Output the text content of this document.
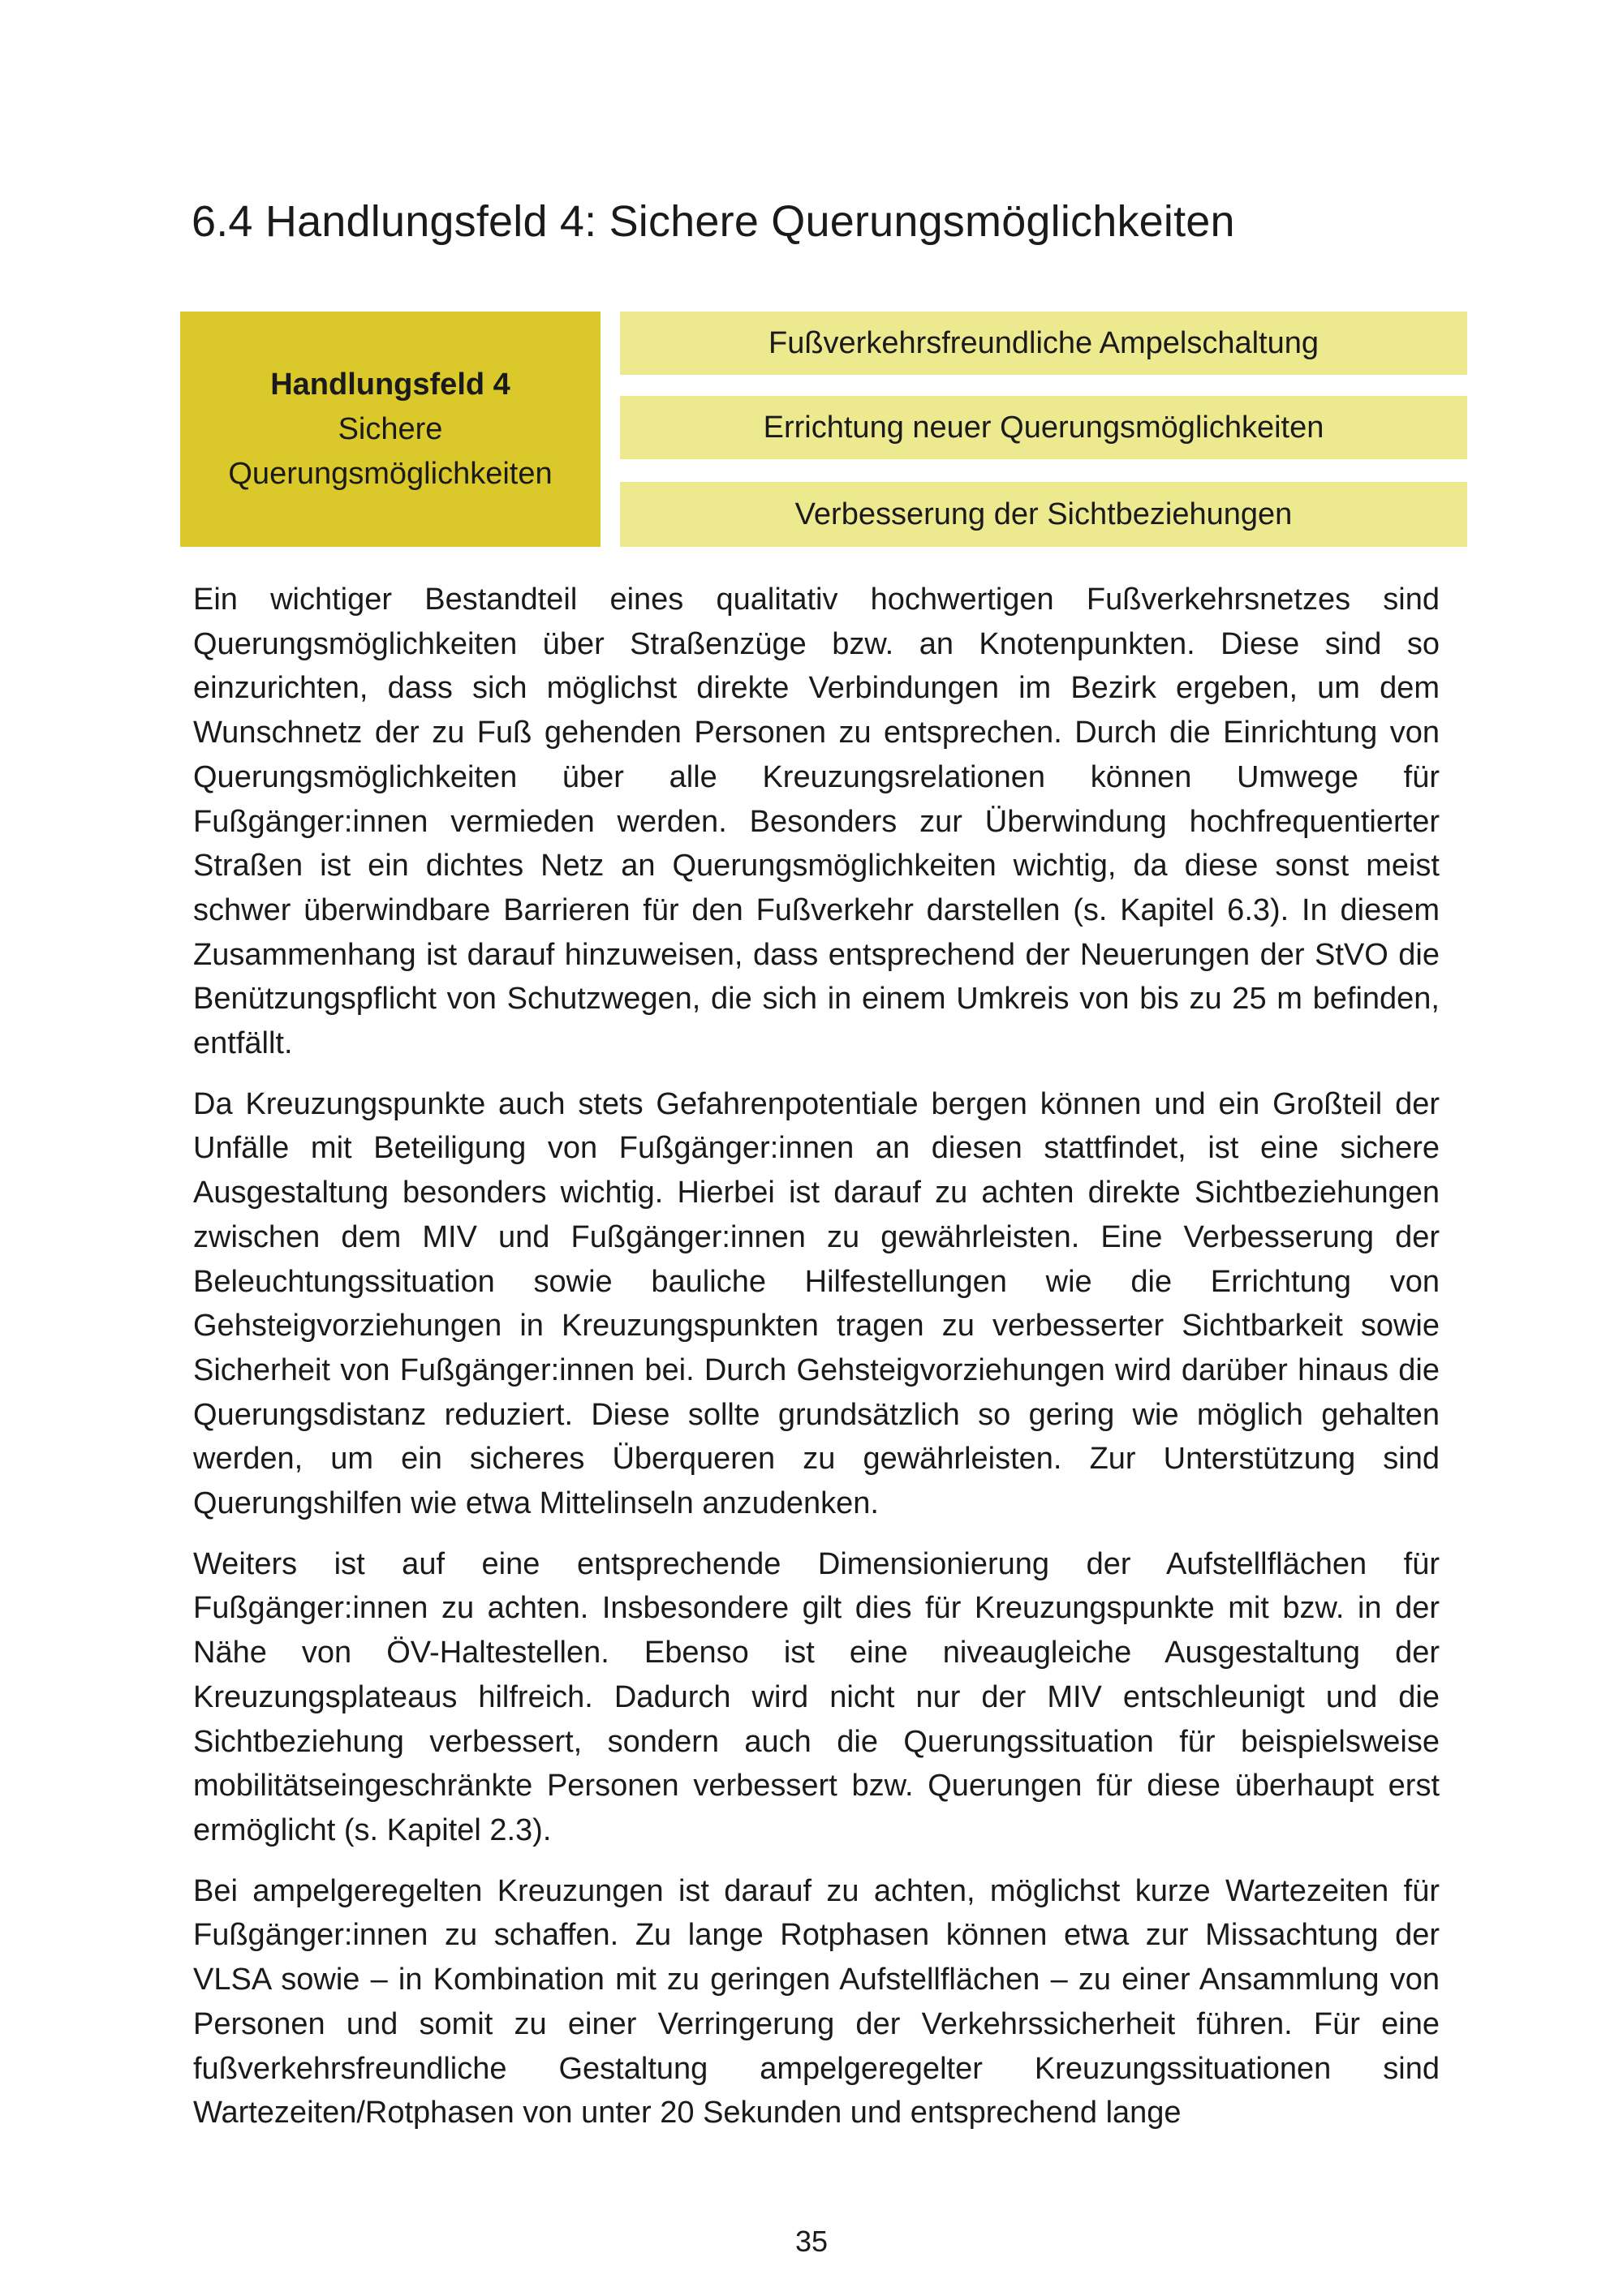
6.4 Handlungsfeld 4: Sichere Querungsmöglichkeiten
Handlungsfeld 4
Sichere
Querungsmöglichkeiten
Fußverkehrsfreundliche Ampelschaltung
Errichtung neuer Querungsmöglichkeiten
Verbesserung der Sichtbeziehungen

Ein wichtiger Bestandteil eines qualitativ hochwertigen Fußverkehrsnetzes sind Querungsmöglichkeiten über Straßenzüge bzw. an Knotenpunkten. Diese sind so einzurichten, dass sich möglichst direkte Verbindungen im Bezirk ergeben, um dem Wunschnetz der zu Fuß gehenden Personen zu entsprechen. Durch die Einrichtung von Querungsmöglichkeiten über alle Kreuzungsrelationen können Umwege für Fußgänger:innen vermieden werden. Besonders zur Überwindung hochfrequentierter Straßen ist ein dichtes Netz an Querungsmöglichkeiten wichtig, da diese sonst meist schwer überwindbare Barrieren für den Fußverkehr darstellen (s. Kapitel 6.3). In diesem Zusammenhang ist darauf hinzuweisen, dass entsprechend der Neuerungen der StVO die Benützungspflicht von Schutzwegen, die sich in einem Umkreis von bis zu 25 m befinden, entfällt.

Da Kreuzungspunkte auch stets Gefahrenpotentiale bergen können und ein Großteil der Unfälle mit Beteiligung von Fußgänger:innen an diesen stattfindet, ist eine sichere Ausgestaltung besonders wichtig. Hierbei ist darauf zu achten direkte Sichtbeziehungen zwischen dem MIV und Fußgänger:innen zu gewährleisten. Eine Verbesserung der Beleuchtungssituation sowie bauliche Hilfestellungen wie die Errichtung von Gehsteigvorziehungen in Kreuzungspunkten tragen zu verbesserter Sichtbarkeit sowie Sicherheit von Fußgänger:innen bei. Durch Gehsteigvorziehungen wird darüber hinaus die Querungsdistanz reduziert. Diese sollte grundsätzlich so gering wie möglich gehalten werden, um ein sicheres Überqueren zu gewährleisten. Zur Unterstützung sind Querungshilfen wie etwa Mittelinseln anzudenken.

Weiters ist auf eine entsprechende Dimensionierung der Aufstellflächen für Fußgänger:innen zu achten. Insbesondere gilt dies für Kreuzungspunkte mit bzw. in der Nähe von ÖV-Haltestellen. Ebenso ist eine niveaugleiche Ausgestaltung der Kreuzungsplateaus hilfreich. Dadurch wird nicht nur der MIV entschleunigt und die Sichtbeziehung verbessert, sondern auch die Querungssituation für beispielsweise mobilitätseingeschränkte Personen verbessert bzw. Querungen für diese überhaupt erst ermöglicht (s. Kapitel 2.3).

Bei ampelgeregelten Kreuzungen ist darauf zu achten, möglichst kurze Wartezeiten für Fußgänger:innen zu schaffen. Zu lange Rotphasen können etwa zur Missachtung der VLSA sowie – in Kombination mit zu geringen Aufstellflächen – zu einer Ansammlung von Personen und somit zu einer Verringerung der Verkehrssicherheit führen. Für eine fußverkehrsfreundliche Gestaltung ampelgeregelter Kreuzungssituationen sind Wartezeiten/Rotphasen von unter 20 Sekunden und entsprechend lange

35
